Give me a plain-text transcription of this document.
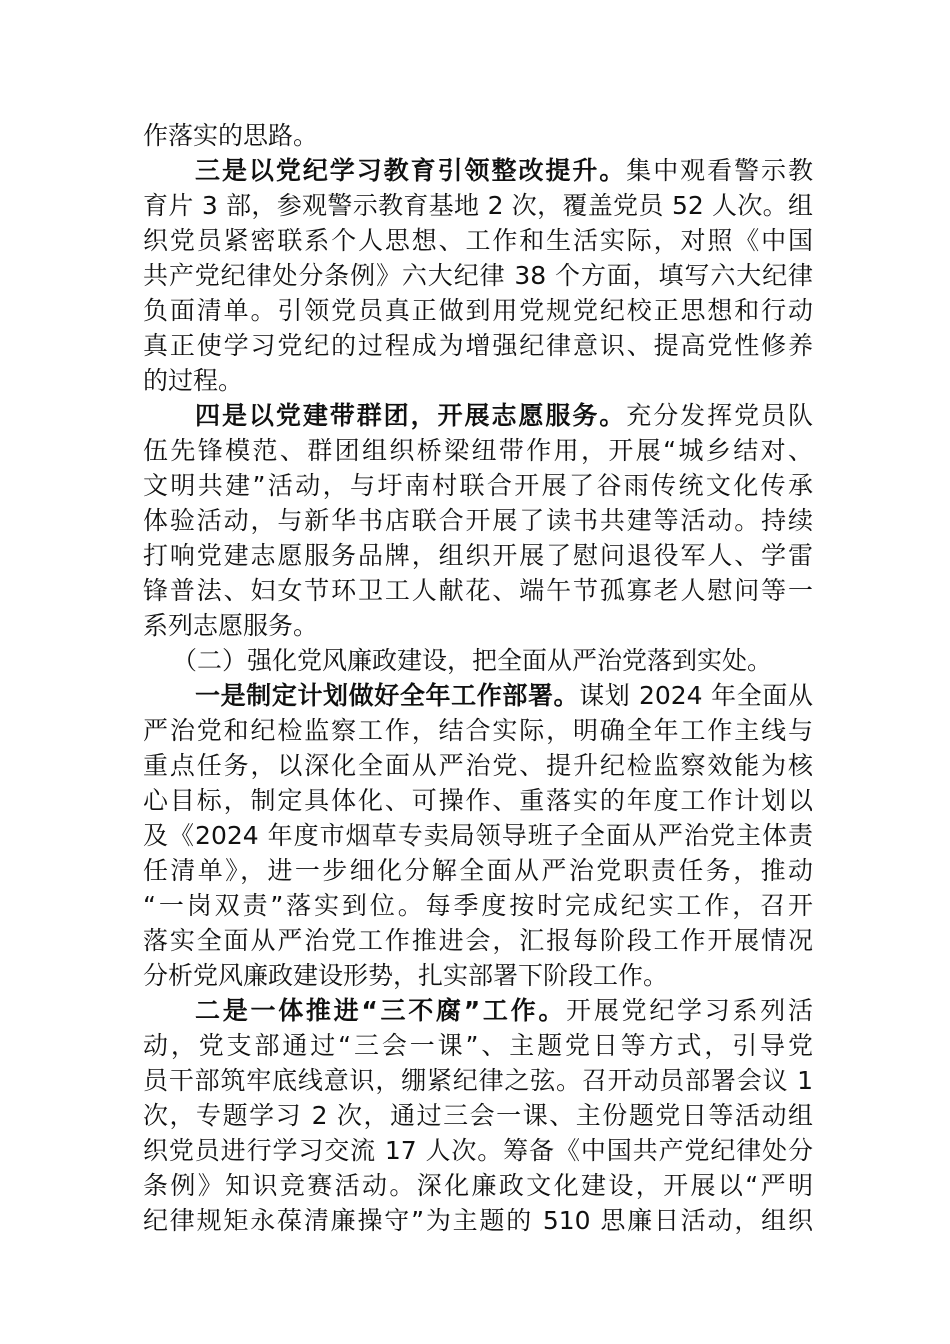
作落实的思路。
三是以党纪学习教育引领整改提升。集中观看警示教
育片 3 部，参观警示教育基地 2 次，覆盖党员 52 人次。组
织党员紧密联系个人思想、工作和生活实际，对照《中国
共产党纪律处分条例》六大纪律 38 个方面，填写六大纪律
负面清单。引领党员真正做到用党规党纪校正思想和行动
真正使学习党纪的过程成为增强纪律意识、提高党性修养
的过程。
四是以党建带群团，开展志愿服务。充分发挥党员队
伍先锋模范、群团组织桥梁纽带作用，开展“城乡结对、
文明共建”活动，与圩南村联合开展了谷雨传统文化传承
体验活动，与新华书店联合开展了读书共建等活动。持续
打响党建志愿服务品牌，组织开展了慰问退役军人、学雷
锋普法、妇女节环卫工人献花、端午节孤寡老人慰问等一
系列志愿服务。
（二）强化党风廉政建设，把全面从严治党落到实处。
一是制定计划做好全年工作部署。谋划 2024 年全面从
严治党和纪检监察工作，结合实际，明确全年工作主线与
重点任务，以深化全面从严治党、提升纪检监察效能为核
心目标，制定具体化、可操作、重落实的年度工作计划以
及《2024 年度市烟草专卖局领导班子全面从严治党主体责
任清单》，进一步细化分解全面从严治党职责任务，推动
“一岗双责”落实到位。每季度按时完成纪实工作，召开
落实全面从严治党工作推进会，汇报每阶段工作开展情况
分析党风廉政建设形势，扎实部署下阶段工作。
二是一体推进“三不腐”工作。开展党纪学习系列活
动，党支部通过“三会一课”、主题党日等方式，引导党
员干部筑牢底线意识，绷紧纪律之弦。召开动员部署会议 1
次，专题学习 2 次，通过三会一课、主份题党日等活动组
织党员进行学习交流 17 人次。筹备《中国共产党纪律处分
条例》知识竞赛活动。深化廉政文化建设，开展以“严明
纪律规矩永葆清廉操守”为主题的 510 思廉日活动，组织
